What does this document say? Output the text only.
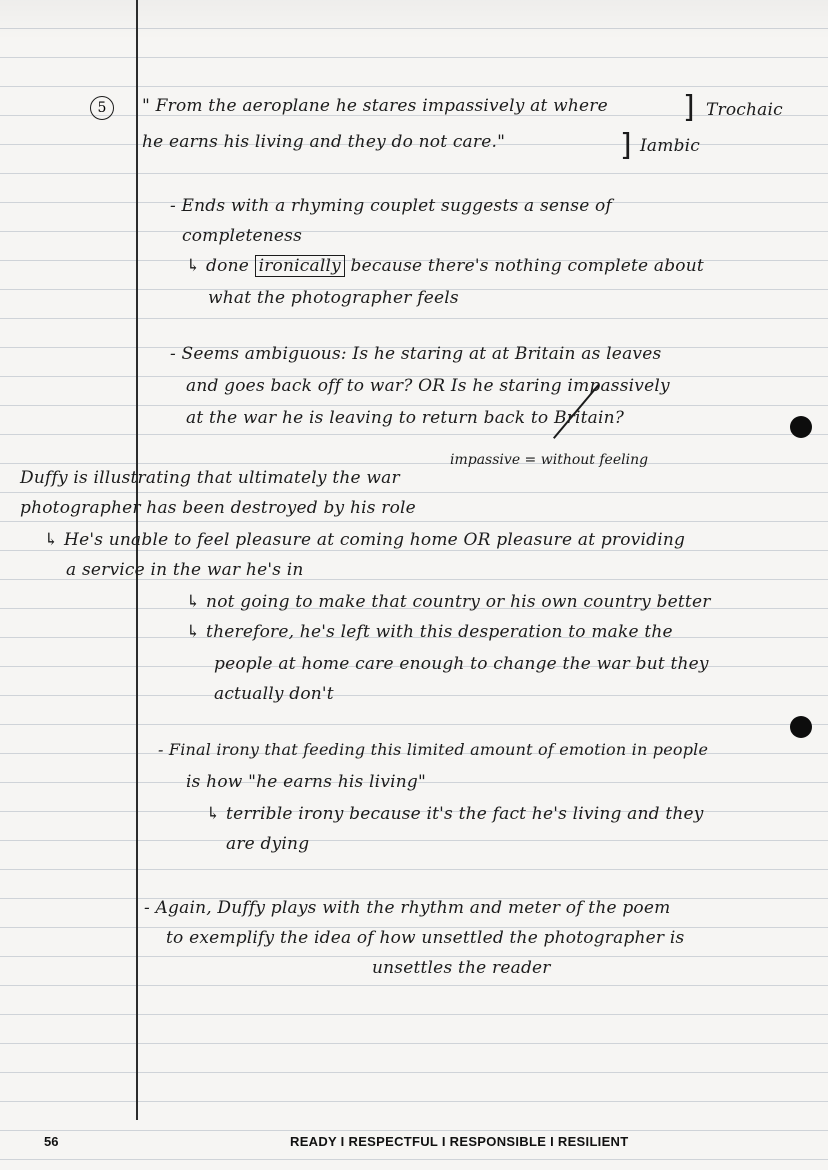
5	" From the aeroplane he stares impassively at where	] Trochaic
he earns his living and they do not care."	] Iambic
- Ends with a rhyming couplet suggests a sense of
completeness
↳ done ironically because there's nothing complete about
what the photographer feels
- Seems ambiguous: Is he staring at at Britain as leaves
and goes back off to war? OR Is he staring impassively
at the war he is leaving to return back to Britain?
impassive = without feeling
Duffy is illustrating that ultimately the war
photographer has been destroyed by his role
↳ He's unable to feel pleasure at coming home OR pleasure at providing
a service in the war he's in
↳ not going to make that country or his own country better
↳ therefore, he's left with this desperation to make the
people at home care enough to change the war but they
actually don't
- Final irony that feeding this limited amount of emotion in people
is how "he earns his living"
↳ terrible irony because it's the fact he's living and they
are dying
- Again, Duffy plays with the rhythm and meter of the poem
to exemplify the idea of how unsettled the photographer is
unsettles the reader
56	READY I RESPECTFUL I RESPONSIBLE I RESILIENT
